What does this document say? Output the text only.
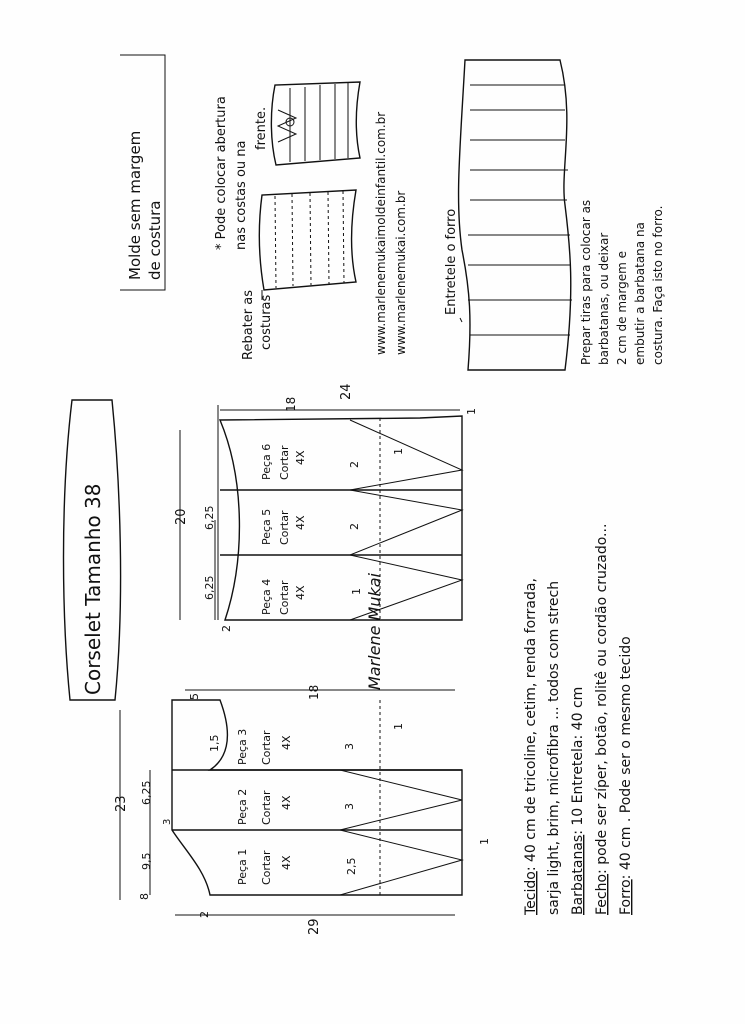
Molde sem margem de costura	* Pode colocar abertura nas costas ou na
frente.
Rebater as costuras	www.marlenemukaimoldeinfantil.com.br www.marlenemukai.com.br	Entretele o forro	Prepar tiras para colocar as barbatanas, ou deixar 2 cm de margem e embutir a barbatana na costura. Faça isto no forro.
Corselet Tamanho 38	Marlene Mukai
20
6,25
6,25
2
24
18
1
2
2
1
1
Peça 4 Cortar 4X
Peça 5 Cortar 4X
Peça 6 Cortar 4X
23
9,5
6,25
3
8
2
29
18
5
1,5
2,5
3
3
1
1
Peça 1 Cortar 4X
Peça 2 Cortar 4X
Peça 3 Cortar 4X
Tecido: 40 cm de tricoline, cetim, renda forrada, sarja light, brim, microfibra ... todos com strech Barbatanas: 10 Entretela: 40 cm
Fecho: pode ser zíper, botão, rolitê ou cordão cruzado...
Forro: 40 cm . Pode ser o mesmo tecido
